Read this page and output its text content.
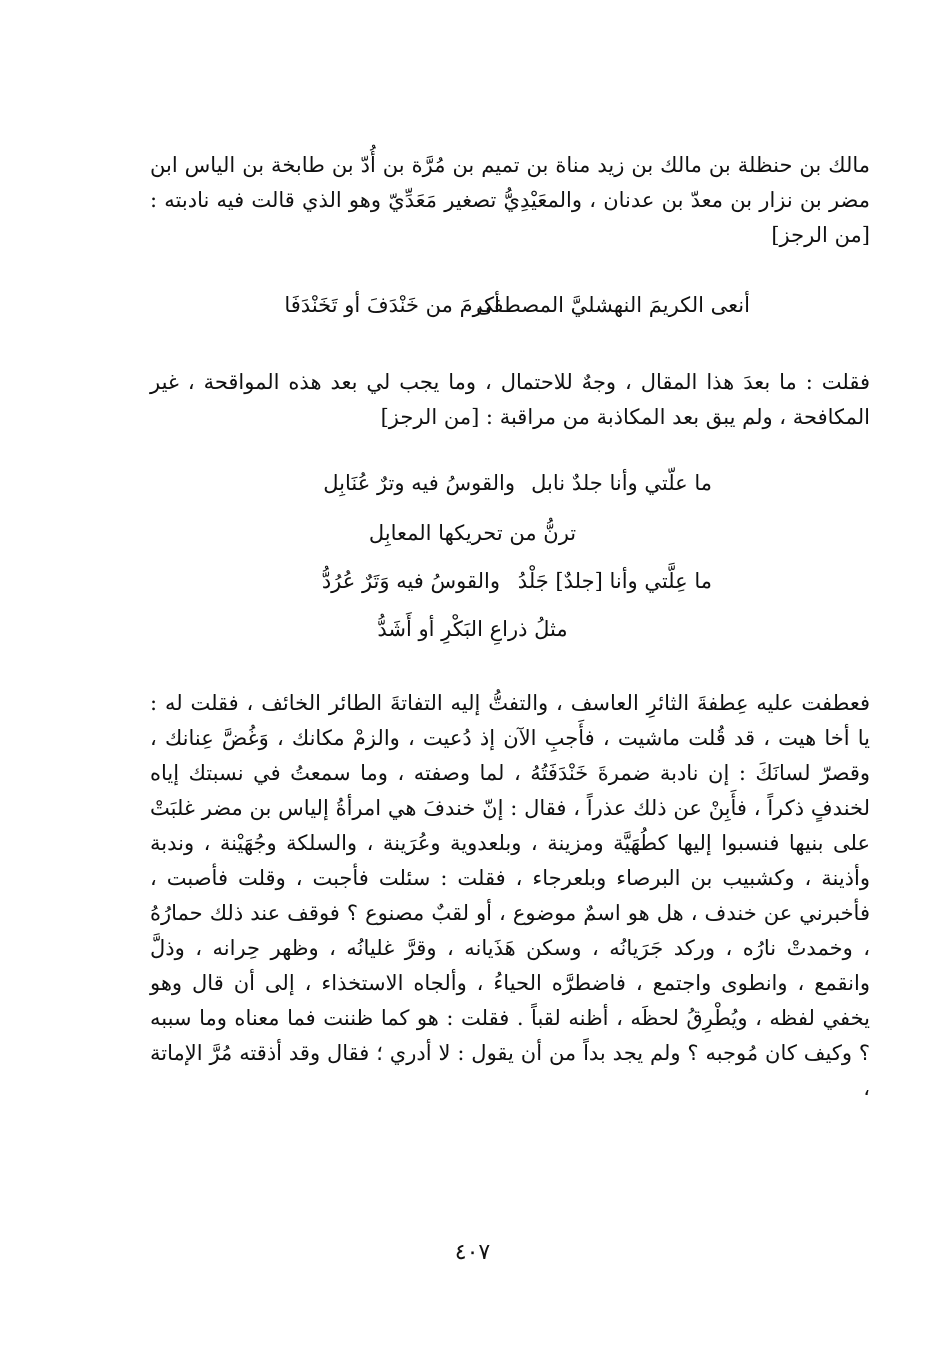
مالك بن حنظلة بن مالك بن زيد مناة بن تميم بن مُرَّة بن أُدّ بن طابخة بن الياس ابن مضر بن نزار بن معدّ بن عدنان ، والمعَيْدِيُّ تصغير مَعَدِّيّ وهو الذي قالت فيه نادبته : [من الرجز]

أنعى الكريمَ النهشليَّ المصطفى
أكرمَ من خَنْدَفَ أو تَخَنْدَفَا

فقلت : ما بعدَ هذا المقال ، وجهٌ للاحتمال ، وما يجب لي بعد هذه المواقحة ، غير المكافحة ، ولم يبق بعد المكاذبة من مراقبة : [من الرجز]

ما علّتي وأنا جلدٌ نابل
والقوسُ فيه وترٌ عُنَابِل
ترنُّ من تحريكها المعابِل
ما عِلَّتي وأنا [جلدٌ] جَلْدُ
والقوسُ فيه وَتَرٌ عُرُدُّ
مثلُ ذراعِ البَكْرِ أو أَشَدُّ

فعطفت عليه عِطفةَ الثائرِ العاسف ، والتفتُّ إليه التفاتةَ الطائر الخائف ، فقلت له : يا أخا هيت ، قد قُلت ماشيت ، فأَجبِ الآن إذ دُعيت ، والزمْ مكانك ، وَغُضَّ عِنانك ، وقصرّ لسانَكَ : إن نادبة ضمرةَ خَنْدَفَتُهُ ، لما وصفته ، وما سمعتُ في نسبتك إياه لخندفٍ ذكراً ، فأَبِنْ عن ذلك عذراً ، فقال : إنّ خندفَ هي امرأةُ إلياس بن مضر غلبَتْ على بنيها فنسبوا إليها كطُهَيَّة ومزينة ، وبلعدوية وعُرَينة ، والسلكة وجُهَيْنة ، وندبة وأذينة ، وكشبيب بن البرصاء وبلعرجاء ، فقلت : سئلت فأجبت ، وقلت فأصبت ، فأخبرني عن خندف ، هل هو اسمٌ موضوع ، أو لقبٌ مصنوع ؟ فوقف عند ذلك حمارُهُ ، وخمدتْ نارُه ، وركد جَرَيانُه ، وسكن هَذَيانه ، وقرَّ غليانُه ، وظهر حِرانه ، وذلَّ وانقمع ، وانطوى واجتمع ، فاضطرَّه الحياءُ ، وألجاه الاستخذاء ، إلى أن قال وهو يخفي لفظه ، ويُطْرِقُ لحظَه ، أظنه لقباً . فقلت : هو كما ظننت فما معناه وما سببه ؟ وكيف كان مُوجبه ؟ ولم يجد بداً من أن يقول : لا أدري ؛ فقال وقد أذقته مُرَّ الإماتة ،

٤٠٧
